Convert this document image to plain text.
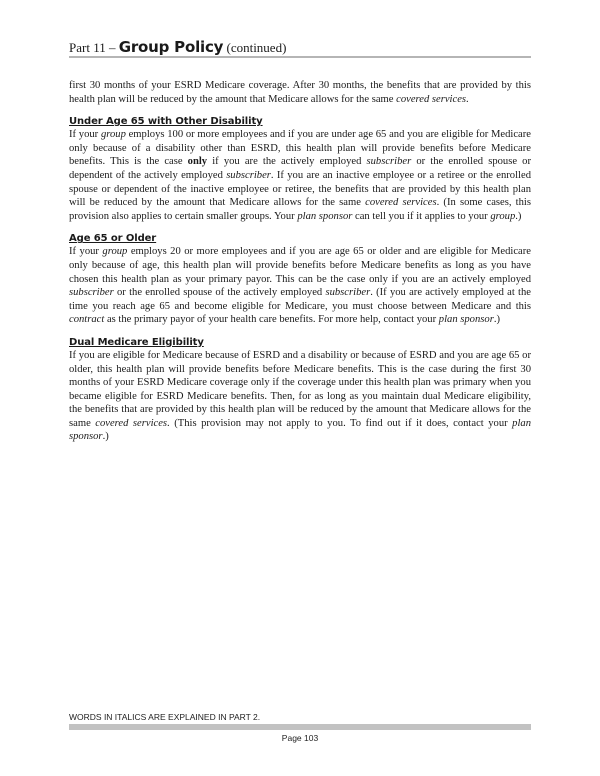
Part 11 – Group Policy (continued)

first 30 months of your ESRD Medicare coverage. After 30 months, the benefits that are provided by this health plan will be reduced by the amount that Medicare allows for the same covered services.

Under Age 65 with Other Disability

If your group employs 100 or more employees and if you are under age 65 and you are eligible for Medicare only because of a disability other than ESRD, this health plan will provide benefits before Medicare benefits. This is the case only if you are the actively employed subscriber or the enrolled spouse or dependent of the actively employed subscriber. If you are an inactive employee or a retiree or the enrolled spouse or dependent of the inactive employee or retiree, the benefits that are provided by this health plan will be reduced by the amount that Medicare allows for the same covered services. (In some cases, this provision also applies to certain smaller groups. Your plan sponsor can tell you if it applies to your group.)

Age 65 or Older

If your group employs 20 or more employees and if you are age 65 or older and are eligible for Medicare only because of age, this health plan will provide benefits before Medicare benefits as long as you have chosen this health plan as your primary payor. This can be the case only if you are an actively employed subscriber or the enrolled spouse of the actively employed subscriber. (If you are actively employed at the time you reach age 65 and become eligible for Medicare, you must choose between Medicare and this contract as the primary payor of your health care benefits. For more help, contact your plan sponsor.)

Dual Medicare Eligibility

If you are eligible for Medicare because of ESRD and a disability or because of ESRD and you are age 65 or older, this health plan will provide benefits before Medicare benefits. This is the case during the first 30 months of your ESRD Medicare coverage only if the coverage under this health plan was primary when you became eligible for ESRD Medicare benefits. Then, for as long as you maintain dual Medicare eligibility, the benefits that are provided by this health plan will be reduced by the amount that Medicare allows for the same covered services. (This provision may not apply to you. To find out if it does, contact your plan sponsor.)

WORDS IN ITALICS ARE EXPLAINED IN PART 2.
Page 103
